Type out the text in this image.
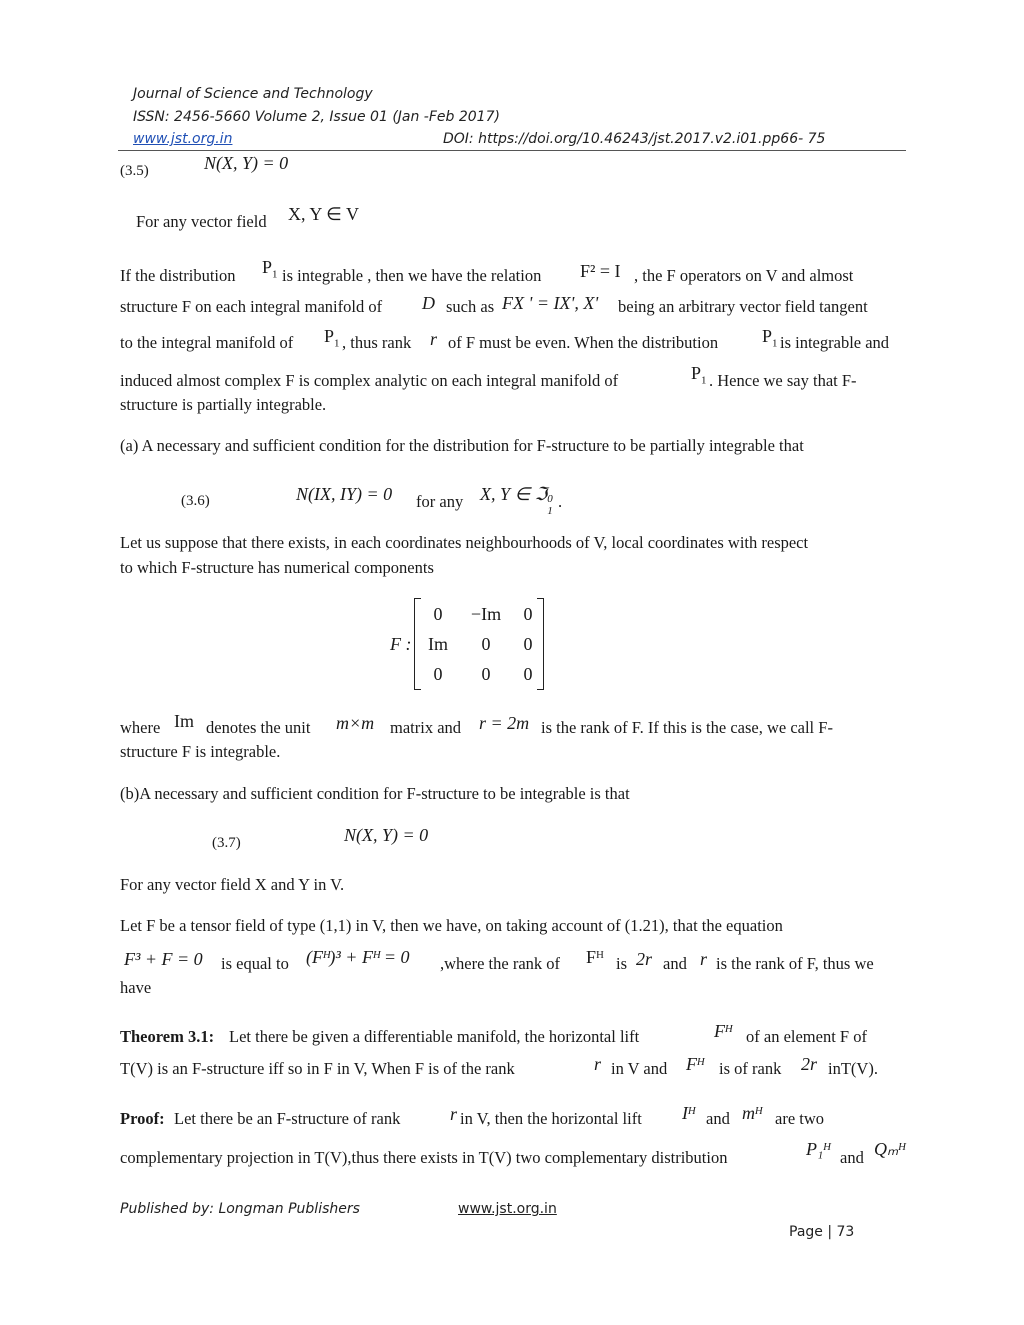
Journal of Science and Technology
ISSN: 2456-5660 Volume 2, Issue 01 (Jan -Feb 2017)
www.jst.org.in	DOI: https://doi.org/10.46243/jst.2017.v2.i01.pp66- 75
(3.5)	N(X, Y) = 0
For any vector field X, Y ∈ V
If the distribution $P_1$ is integrable , then we have the relation F² = I , the F operators on V and almost
structure F on each integral manifold of D such as FX ' = IX', X' being an arbitrary vector field tangent
to the integral manifold of $P_1$ , thus rank r of F must be even. When the distribution $P_1$ is integrable and
induced almost complex F is complex analytic on each integral manifold of	$P_1$ . Hence we say that F-
structure is partially integrable.
(a) A necessary and sufficient condition for the distribution for F-structure to be partially integrable that
(3.6)	N(IX, IY) = 0 for any X, Y ∈ ℑ 0
1 .
Let us suppose that there exists, in each coordinates neighbourhoods of V, local coordinates with respect
to which F-structure has numerical components
F :
0	−Im	0
Im	0	0
0	0	0
where Im denotes the unit m×m matrix and r = 2m is the rank of F. If this is the case, we call F-
structure F is integrable.
(b)A necessary and sufficient condition for F-structure to be integrable is that
(3.7)	N(X, Y) = 0
For any vector field X and Y in V.
Let F be a tensor field of type (1,1) in V, then we have, on taking account of (1.21), that the equation
F³ + F = 0 is equal to (Fᴴ)³ + Fᴴ = 0 ,where the rank of Fᴴ is 2r and r is the rank of F, thus we
have
Theorem 3.1: Let there be given a differentiable manifold, the horizontal lift	Fᴴ of an element F of
T(V) is an F-structure iff so in F in V, When F is of the rank	r in V and Fᴴ is of rank 2r inT(V).
Proof: Let there be an F-structure of rank	r in V, then the horizontal lift Iᴴ and mᴴ are two
complementary projection in T(V),thus there exists in T(V) two complementary distribution	P₁ᴴ and Qₘᴴ
Published by: Longman Publishers	www.jst.org.in
Page | 73
